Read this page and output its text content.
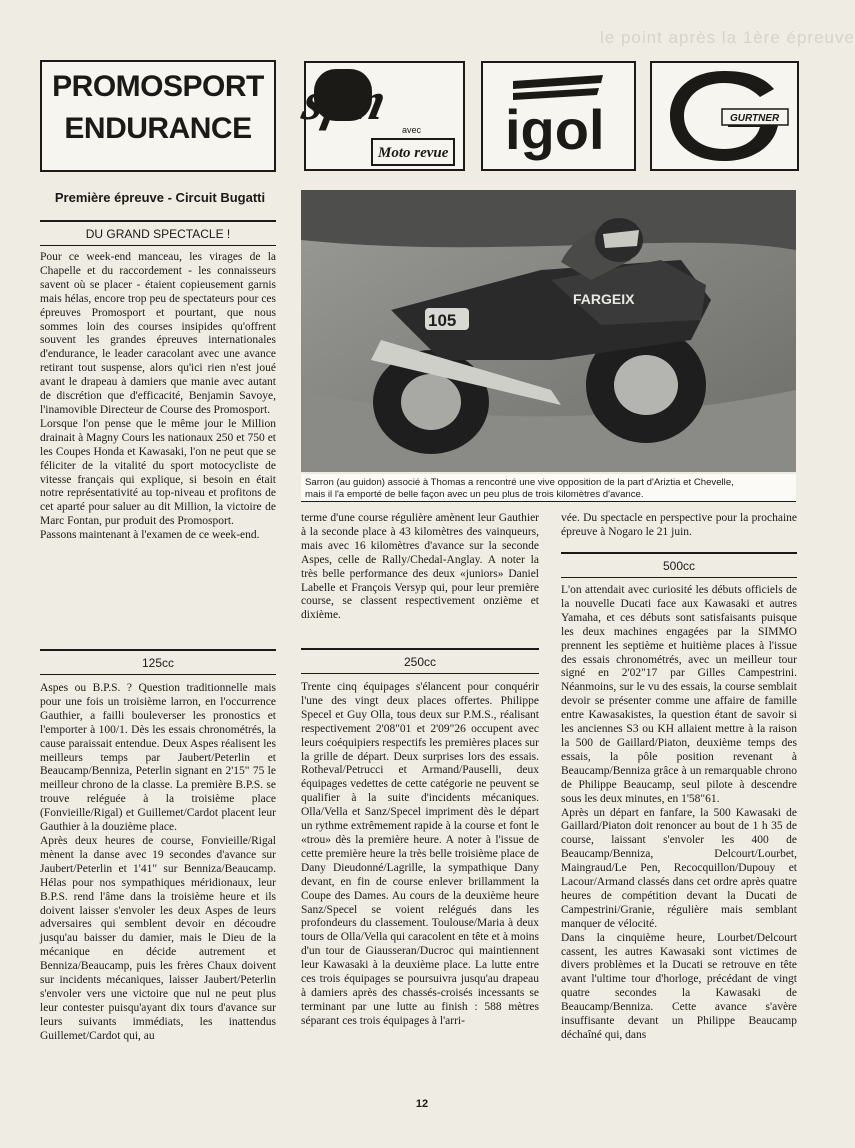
le point après la 1ère épreuve
PROMOSPORT
ENDURANCE sfm avec
Moto revue igol	GURTNER
Première épreuve - Circuit Bugatti
DU GRAND SPECTACLE !

Pour ce week-end manceau, les virages de la Chapelle et du raccordement - les connaisseurs savent où se placer - étaient copieusement garnis mais hélas, encore trop peu de spectateurs pour ces épreuves Promosport et pourtant, que nous sommes loin des courses insipides qu'offrent souvent les grandes épreuves internationales d'endurance, le leader caracolant avec une avance retirant tout suspense, alors qu'ici rien n'est joué avant le drapeau à damiers que manie avec autant de discrétion que d'efficacité, Benjamin Savoye, l'inamovible Directeur de Course des Promosport.
Lorsque l'on pense que le même jour le Million drainait à Magny Cours les nationaux 250 et 750 et les Coupes Honda et Kawasaki, l'on ne peut que se féliciter de la vitalité du sport motocycliste de vitesse français qui explique, si besoin en était notre représentativité au top-niveau et profitons de cet aparté pour saluer au dit Million, la victoire de Marc Fontan, pur produit des Promosport.
Passons maintenant à l'examen de ce week-end.

125cc

Aspes ou B.P.S. ? Question traditionnelle mais pour une fois un troisième larron, en l'occurrence Gauthier, a failli bouleverser les pronostics et l'emporter à 100/1. Dès les essais chronométrés, la cause paraissait entendue. Deux Aspes réalisent les meilleurs temps par Jaubert/Peterlin et Beaucamp/Benniza, Peterlin signant en 2'15" 75 le meilleur chrono de la classe. La première B.P.S. se trouve reléguée à la troisième place (Fonvieille/Rigal) et Guillemet/Cardot placent leur Gauthier à la douzième place.
Après deux heures de course, Fonvieille/Rigal mènent la danse avec 19 secondes d'avance sur Jaubert/Peterlin et 1'41" sur Benniza/Beaucamp. Hélas pour nos sympathiques méridionaux, leur B.P.S. rend l'âme dans la troisième heure et ils doivent laisser s'envoler les deux Aspes de leurs adversaires qui semblent devoir en découdre jusqu'au baisser du damier, mais le Dieu de la mécanique en décide autrement et Benniza/Beaucamp, puis les frères Chaux doivent sur incidents mécaniques, laisser Jaubert/Peterlin s'envoler vers une victoire que nul ne peut plus leur contester puisqu'ayant dix tours d'avance sur leurs suivants immédiats, les inattendus Guillemet/Cardot qui, au

FARGEIX
105
Sarron (au guidon) associé à Thomas a rencontré une vive opposition de la part d'Ariztia et Chevelle,
mais il l'a emporté de belle façon avec un peu plus de trois kilomètres d'avance.

terme d'une course régulière amènent leur Gauthier à la seconde place à 43 kilomètres des vainqueurs, mais avec 16 kilomètres d'avance sur la seconde Aspes, celle de Rally/Chedal-Anglay. A noter la très belle performance des deux «juniors» Daniel Labelle et François Versyp qui, pour leur première course, se classent respectivement onzième et dixième.

250cc

Trente cinq équipages s'élancent pour conquérir l'une des vingt deux places offertes. Philippe Specel et Guy Olla, tous deux sur P.M.S., réalisant respectivement 2'08"01 et 2'09"26 occupent avec leurs coéquipiers respectifs les premières places sur la grille de départ. Deux surprises lors des essais. Rotheval/Petrucci et Armand/Pauselli, deux équipages vedettes de cette catégorie ne peuvent se qualifier à la suite d'incidents mécaniques. Olla/Vella et Sanz/Specel impriment dès le départ un rythme extrêmement rapide à la course et font le «trou» dès la première heure. A noter à l'issue de cette première heure la très belle troisième place de Dany Dieudonné/Lagrille, la sympathique Dany devant, en fin de course enlever brillamment la Coupe des Dames. Au cours de la deuxième heure Sanz/Specel se voient relégués dans les profondeurs du classement. Toulouse/Maria à deux tours de Olla/Vella qui caracolent en tête et à moins d'un tour de Giausseran/Ducroc qui maintiennent leur Kawasaki à la deuxième place. La lutte entre ces trois équipages se poursuivra jusqu'au drapeau à damiers après des chassés-croisés incessants se terminant par une lutte au finish : 588 mètres séparant ces trois équipages à l'arri-

vée. Du spectacle en perspective pour la prochaine épreuve à Nogaro le 21 juin.

500cc

L'on attendait avec curiosité les débuts officiels de la nouvelle Ducati face aux Kawasaki et autres Yamaha, et ces débuts sont satisfaisants puisque les deux machines engagées par la SIMMO prennent les septième et huitième places à l'issue des essais chronométrés, avec un meilleur tour signé en 2'02"17 par Gilles Campestrini. Néanmoins, sur le vu des essais, la course semblait devoir se présenter comme une affaire de famille entre Kawasakistes, la question étant de savoir si les anciennes S3 ou KH allaient mettre à la raison la 500 de Gaillard/Piaton, deuxième temps des essais, la pôle position revenant à Beaucamp/Benniza grâce à un remarquable chrono de Philippe Beaucamp, seul pilote à descendre sous les deux minutes, en 1'58"61.
Après un départ en fanfare, la 500 Kawasaki de Gaillard/Piaton doit renoncer au bout de 1 h 35 de course, laissant s'envoler les 400 de Beaucamp/Benniza, Delcourt/Lourbet, Maingraud/Le Pen, Recocquillon/Dupouy et Lacour/Armand classés dans cet ordre après quatre heures de compétition devant la Ducati de Campestrini/Granie, régulière mais semblant manquer de vélocité.
Dans la cinquième heure, Lourbet/Delcourt cassent, les autres Kawasaki sont victimes de divers problèmes et la Ducati se retrouve en tête avant l'ultime tour d'horloge, précédant de vingt quatre secondes la Kawasaki de Beaucamp/Benniza. Cette avance s'avère insuffisante devant un Philippe Beaucamp déchaîné qui, dans

12
